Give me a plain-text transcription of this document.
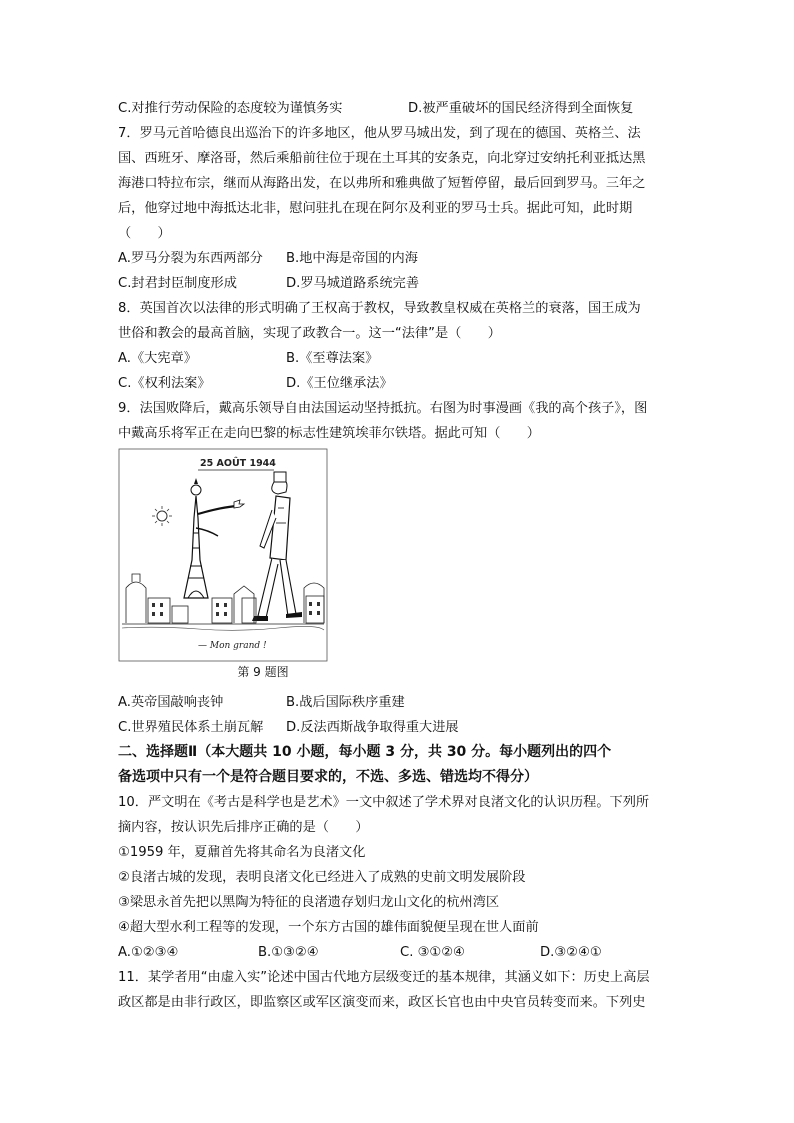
C.对推行劳动保险的态度较为谨慎务实	D.被严重破坏的国民经济得到全面恢复
7．罗马元首哈德良出巡治下的许多地区，他从罗马城出发，到了现在的德国、英格兰、法
国、西班牙、摩洛哥，然后乘船前往位于现在土耳其的安条克，向北穿过安纳托利亚抵达黑
海港口特拉布宗，继而从海路出发，在以弗所和雅典做了短暂停留，最后回到罗马。三年之
后，他穿过地中海抵达北非，慰问驻扎在现在阿尔及利亚的罗马士兵。据此可知，此时期
（　　）
A.罗马分裂为东西两部分	B.地中海是帝国的内海
C.封君封臣制度形成	D.罗马城道路系统完善
8．英国首次以法律的形式明确了王权高于教权，导致教皇权威在英格兰的衰落，国王成为
世俗和教会的最高首脑，实现了政教合一。这一“法律”是（　　）
A.《大宪章》	B.《至尊法案》
C.《权利法案》	D.《王位继承法》
9．法国败降后，戴高乐领导自由法国运动坚持抵抗。右图为时事漫画《我的高个孩子》，图
中戴高乐将军正在走向巴黎的标志性建筑埃菲尔铁塔。据此可知（　　）
25 AOÛT 1944
— Mon grand !
第 9 题图
A.英帝国敲响丧钟	B.战后国际秩序重建
C.世界殖民体系土崩瓦解	D.反法西斯战争取得重大进展
二、选择题Ⅱ（本大题共 10 小题，每小题 3 分，共 30 分。每小题列出的四个
备选项中只有一个是符合题目要求的，不选、多选、错选均不得分）
10．严文明在《考古是科学也是艺术》一文中叙述了学术界对良渚文化的认识历程。下列所
摘内容，按认识先后排序正确的是（　　）
①1959 年，夏鼐首先将其命名为良渚文化
②良渚古城的发现，表明良渚文化已经进入了成熟的史前文明发展阶段
③梁思永首先把以黑陶为特征的良渚遗存划归龙山文化的杭州湾区
④超大型水利工程等的发现，一个东方古国的雄伟面貌便呈现在世人面前
A.①②③④	B.①③②④	C. ③①②④	D.③②④①
11．某学者用“由虚入实”论述中国古代地方层级变迁的基本规律，其涵义如下：历史上高层
政区都是由非行政区，即监察区或军区演变而来，政区长官也由中央官员转变而来。下列史
